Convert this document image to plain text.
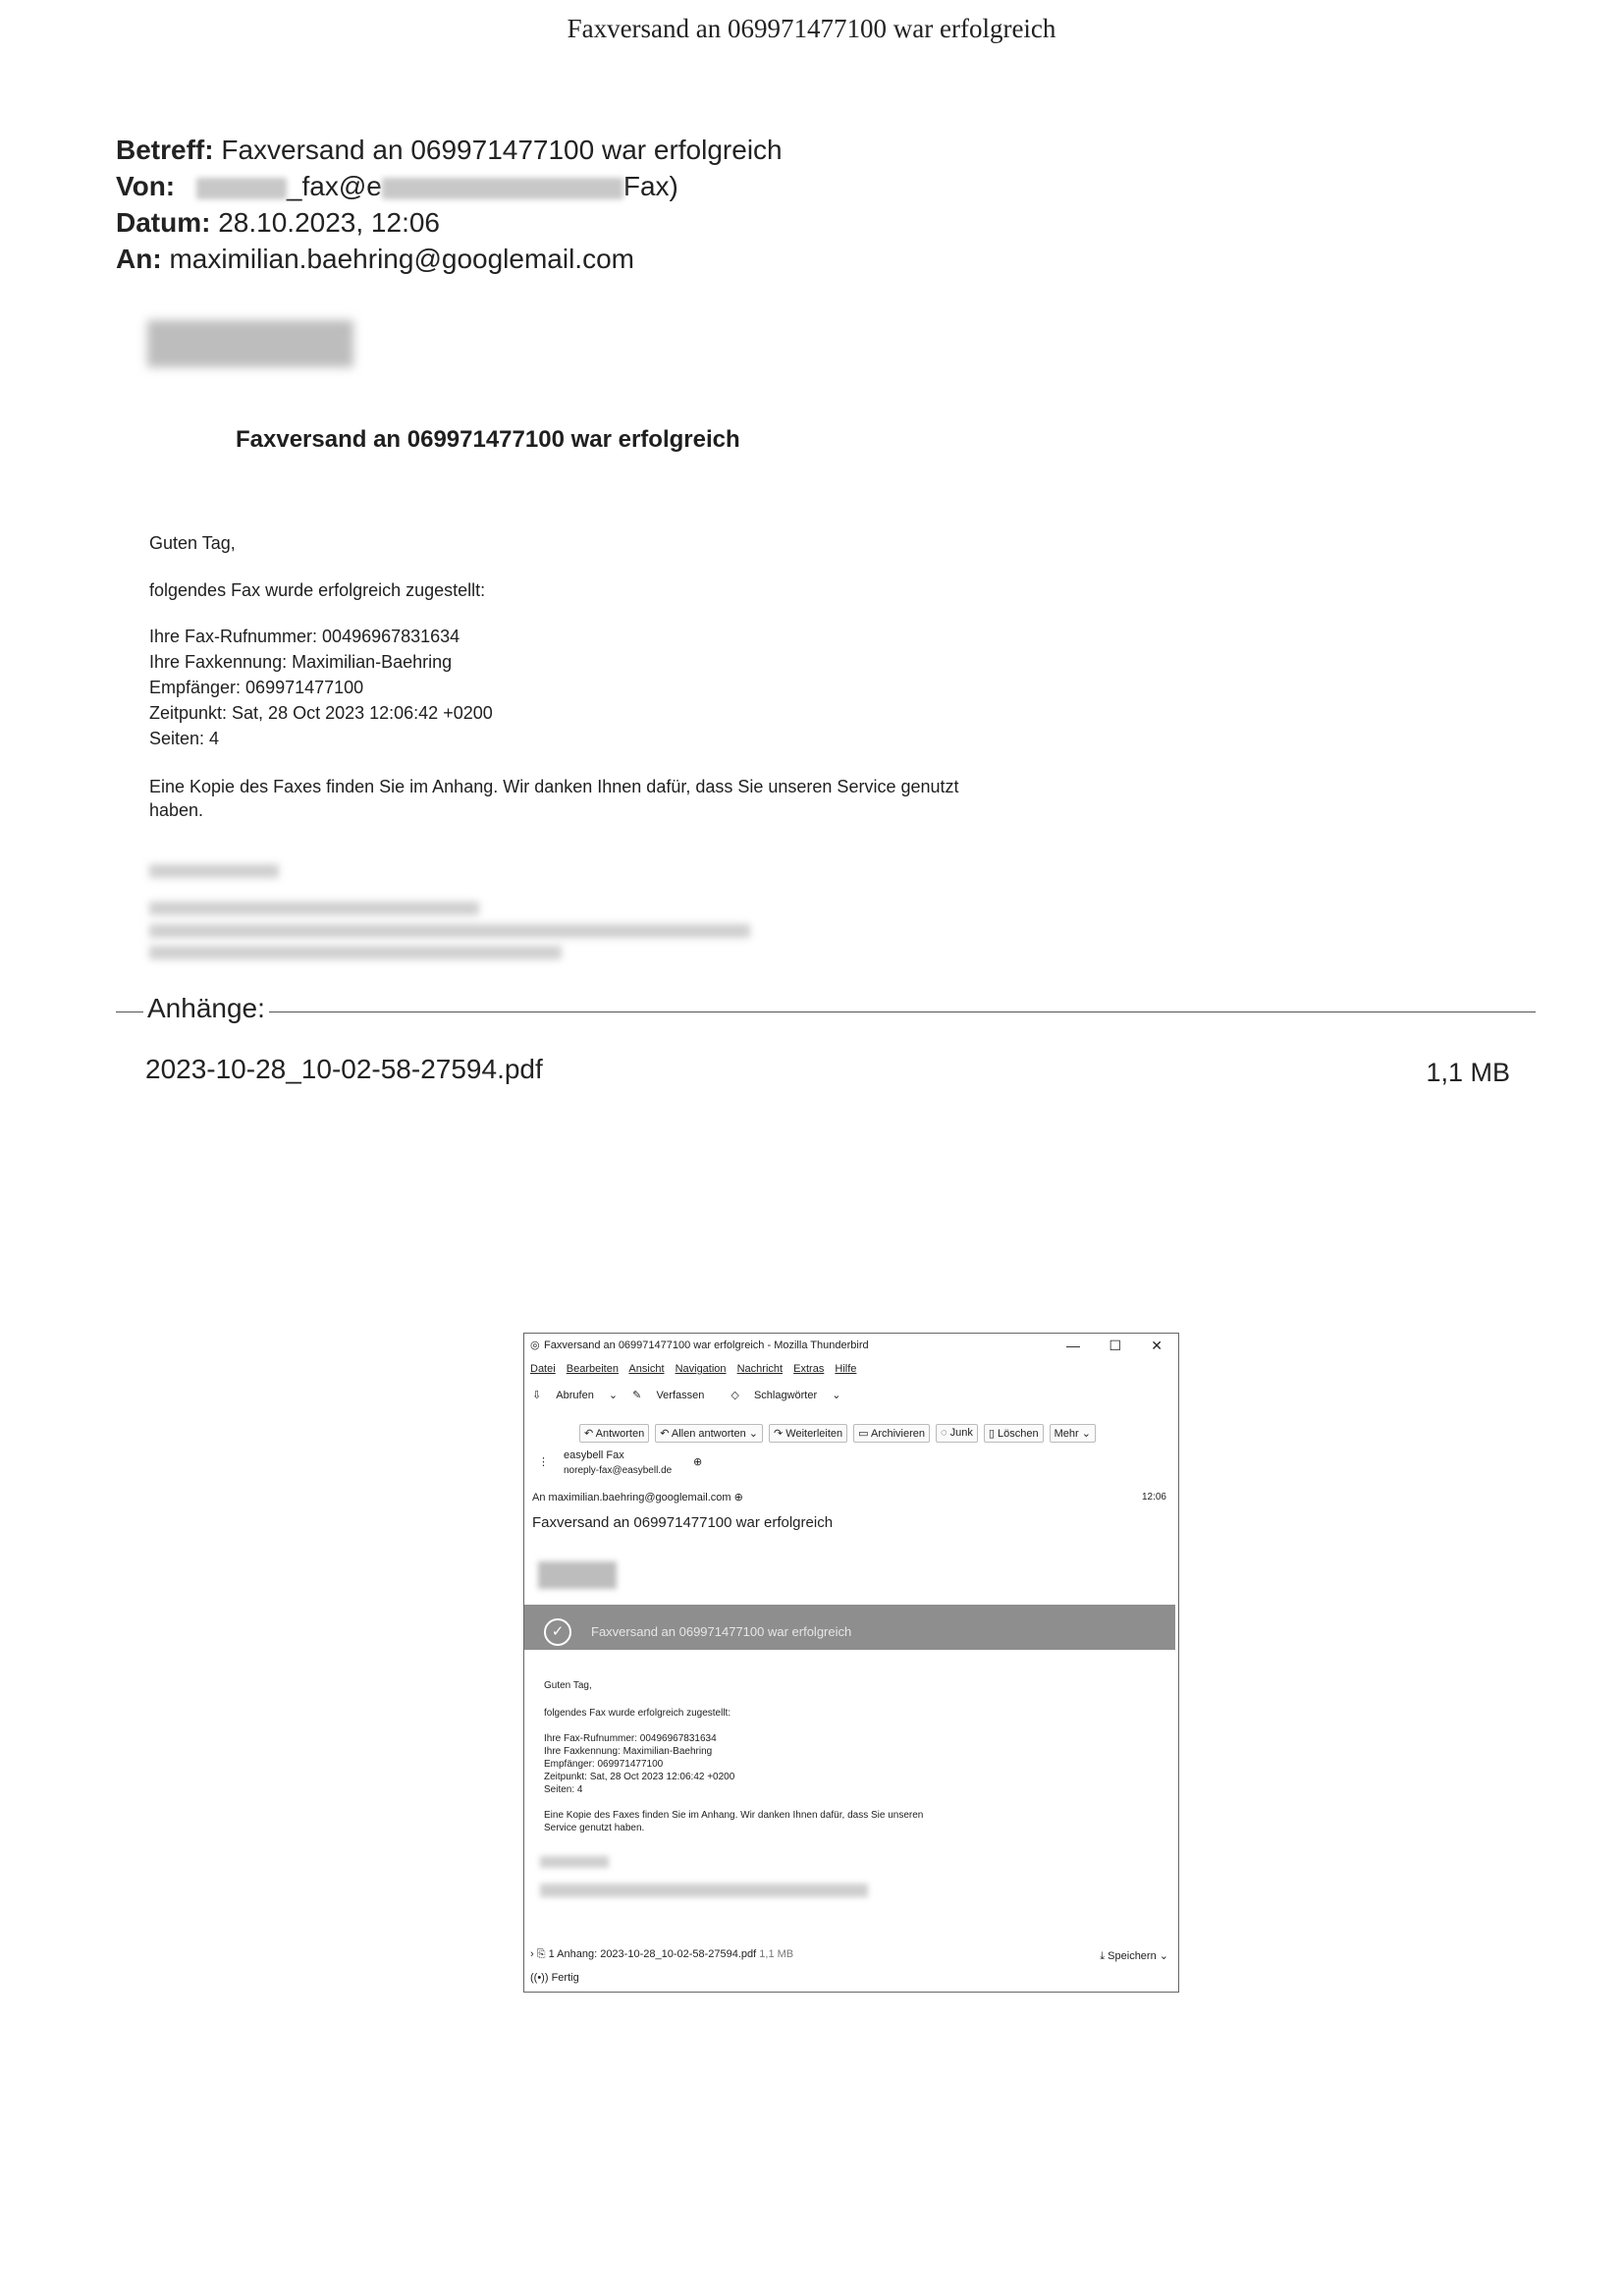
Faxversand an 069971477100 war erfolgreich
Betreff: Faxversand an 069971477100 war erfolgreich
Von:	_fax@e	Fax)
Datum: 28.10.2023, 12:06
An: maximilian.baehring@googlemail.com
Faxversand an 069971477100 war erfolgreich
Guten Tag,
folgendes Fax wurde erfolgreich zugestellt:
Ihre Fax-Rufnummer: 00496967831634
Ihre Faxkennung: Maximilian-Baehring
Empfänger: 069971477100
Zeitpunkt: Sat, 28 Oct 2023 12:06:42 +0200
Seiten: 4
Eine Kopie des Faxes finden Sie im Anhang. Wir danken Ihnen dafür, dass Sie unseren Service genutzt
haben.
Anhänge:
2023-10-28_10-02-58-27594.pdf	1,1 MB
Faxversand an 069971477100 war erfolgreich - Mozilla Thunderbird
◎	— ☐ ✕
Datei Bearbeiten Ansicht Navigation Nachricht Extras Hilfe
⇩ Abrufen ⌄ ✎ Verfassen ◇ Schlagwörter ⌄
↶ Antworten	↶ Allen antworten ⌄	↷ Weiterleiten	▭ Archivieren	◌ Junk	▯ Löschen	Mehr ⌄
⋮
easybell Fax
noreply-fax@easybell.de
⊕
An maximilian.baehring@googlemail.com ⊕	12:06
Faxversand an 069971477100 war erfolgreich
✓	Faxversand an 069971477100 war erfolgreich
Guten Tag,
folgendes Fax wurde erfolgreich zugestellt:
Ihre Fax-Rufnummer: 00496967831634
Ihre Faxkennung: Maximilian-Baehring
Empfänger: 069971477100
Zeitpunkt: Sat, 28 Oct 2023 12:06:42 +0200
Seiten: 4
Eine Kopie des Faxes finden Sie im Anhang. Wir danken Ihnen dafür, dass Sie unseren
Service genutzt haben.
› ⎘ 1 Anhang: 2023-10-28_10-02-58-27594.pdf 1,1 MB	⤓ Speichern ⌄
((•)) Fertig
